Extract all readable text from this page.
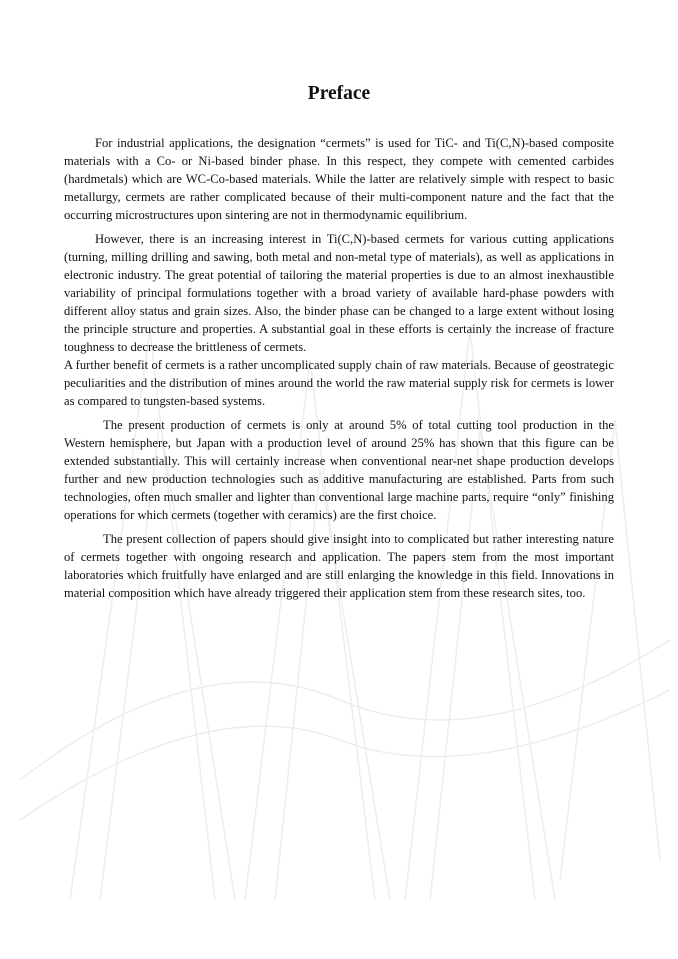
Preface

For industrial applications, the designation “cermets” is used for TiC- and Ti(C,N)-based composite materials with a Co- or Ni-based binder phase. In this respect, they compete with cemented carbides (hardmetals) which are WC-Co-based materials. While the latter are relatively simple with respect to basic metallurgy, cermets are rather complicated because of their multi-component nature and the fact that the occurring microstructures upon sintering are not in thermodynamic equilibrium.

However, there is an increasing interest in Ti(C,N)-based cermets for various cutting applications (turning, milling drilling and sawing, both metal and non-metal type of materials), as well as applications in electronic industry. The great potential of tailoring the material properties is due to an almost inexhaustible variability of principal formulations together with a broad variety of available hard-phase powders with different alloy status and grain sizes. Also, the binder phase can be changed to a large extent without losing the principle structure and properties. A substantial goal in these efforts is certainly the increase of fracture toughness to decrease the brittleness of cermets.

A further benefit of cermets is a rather uncomplicated supply chain of raw materials. Because of geostrategic peculiarities and the distribution of mines around the world the raw material supply risk for cermets is lower as compared to tungsten-based systems.

The present production of cermets is only at around 5% of total cutting tool production in the Western hemisphere, but Japan with a production level of around 25% has shown that this figure can be extended substantially. This will certainly increase when conventional near-net shape production develops further and new production technologies such as additive manufacturing are established. Parts from such technologies, often much smaller and lighter than conventional large machine parts, require “only” finishing operations for which cermets (together with ceramics) are the first choice.

The present collection of papers should give insight into to complicated but rather interesting nature of cermets together with ongoing research and application. The papers stem from the most important laboratories which fruitfully have enlarged and are still enlarging the knowledge in this field. Innovations in material composition which have already triggered their application stem from these research sites, too.
